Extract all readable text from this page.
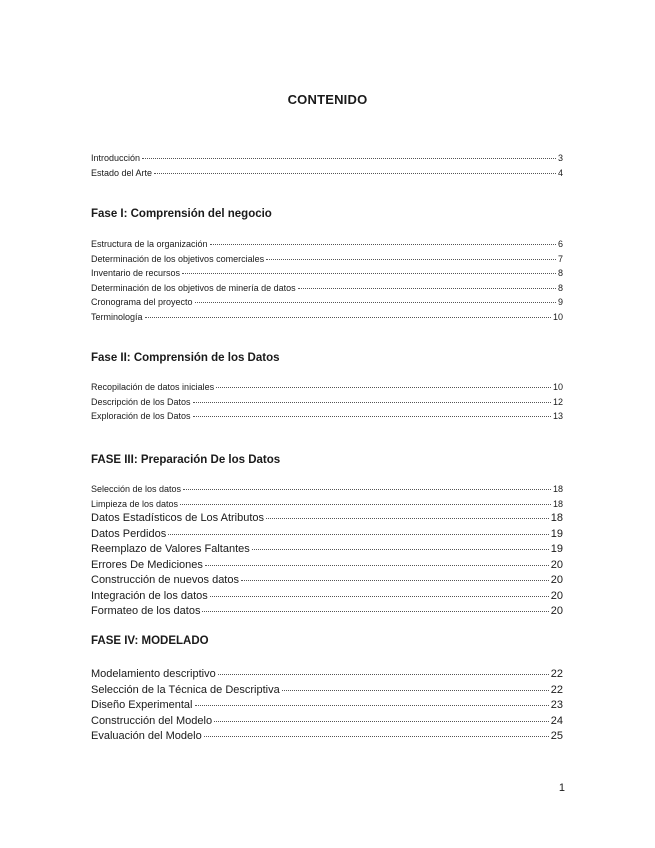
CONTENIDO
Introducción	3
Estado del Arte	4
Fase I: Comprensión del negocio
Estructura de la organización	6
Determinación de los objetivos comerciales	7
Inventario de recursos	8
Determinación de los objetivos de minería de datos	8
Cronograma del proyecto	9
Terminología	10
Fase II: Comprensión de los Datos
Recopilación de datos iniciales	10
Descripción de los Datos	12
Exploración de los Datos	13
FASE III: Preparación De los Datos
Selección de los datos	18
Limpieza de los datos	18
Datos Estadísticos de Los Atributos	18
Datos Perdidos	19
Reemplazo de Valores Faltantes	19
Errores De Mediciones	20
Construcción de nuevos datos	20
Integración de los datos	20
Formateo de los datos	20
FASE IV: MODELADO
Modelamiento descriptivo	22
Selección de la Técnica de Descriptiva	22
Diseño Experimental	23
Construcción del Modelo	24
Evaluación del Modelo	25
1
